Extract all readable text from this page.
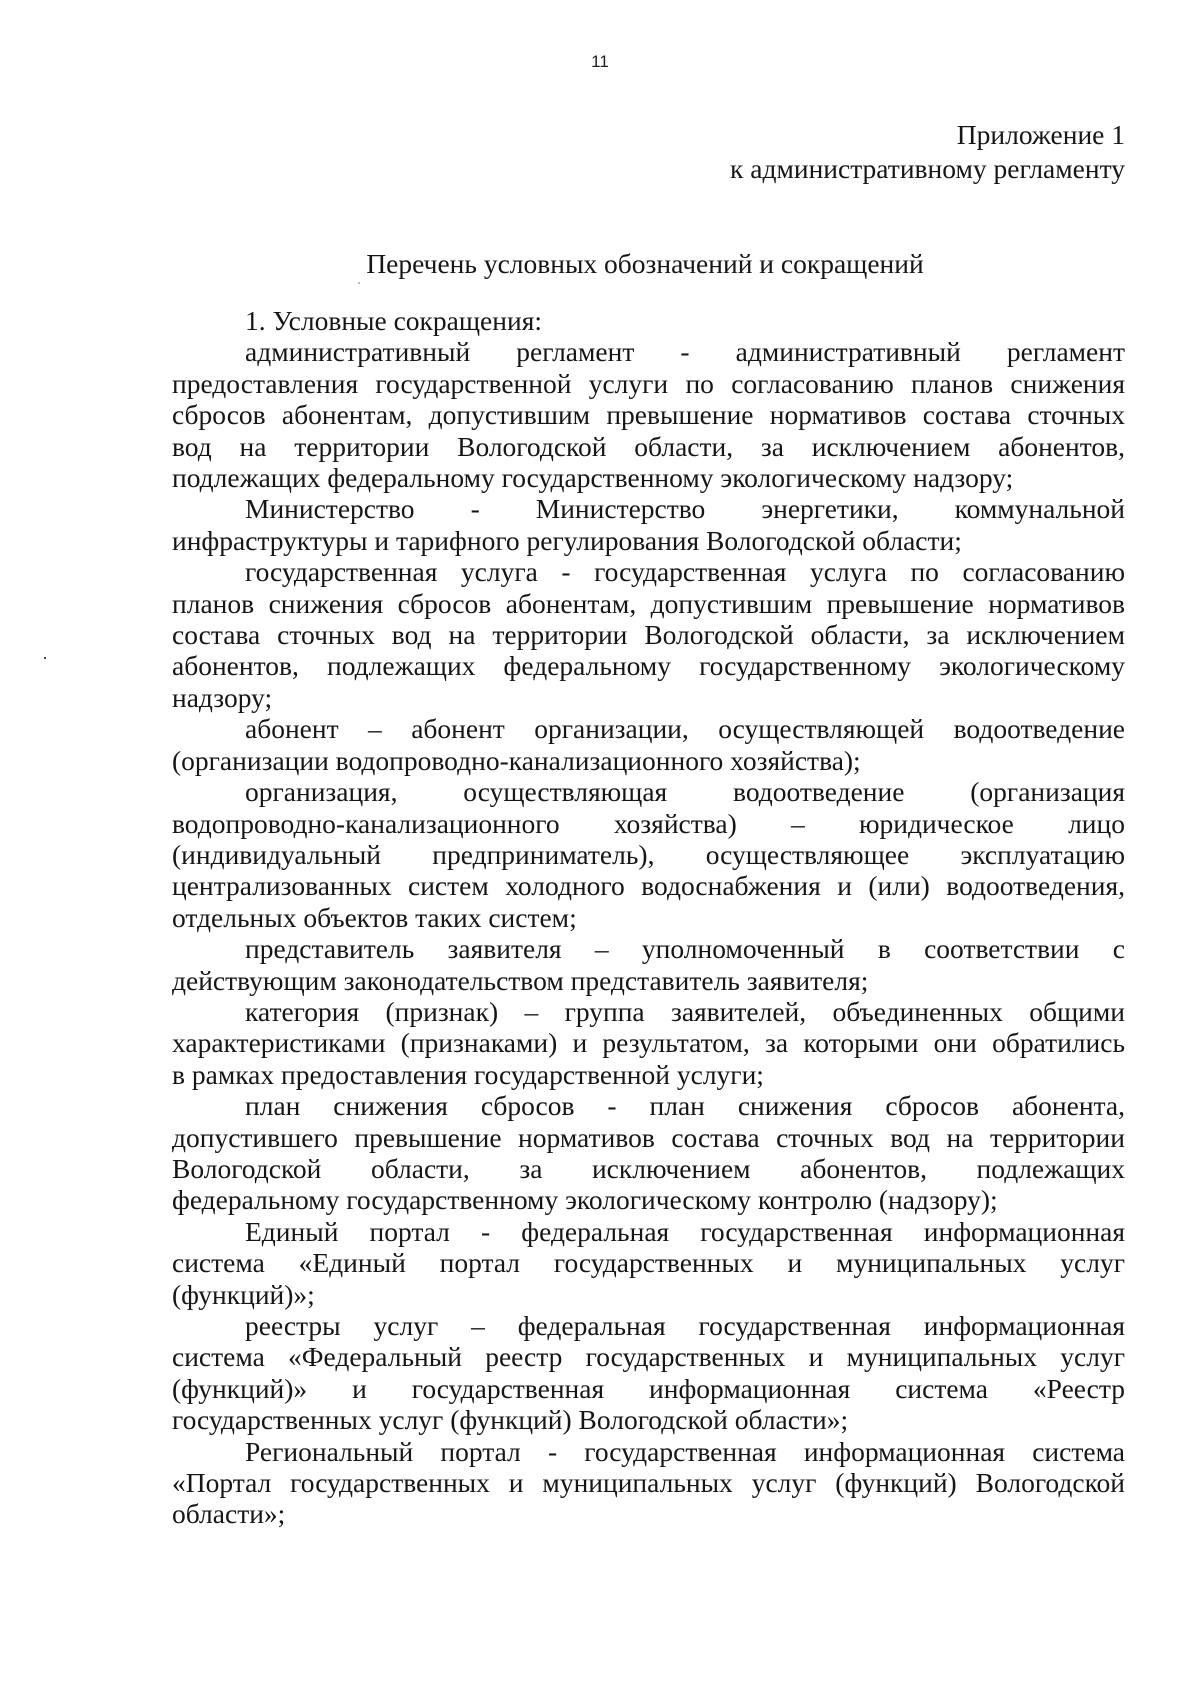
11
Приложение 1
к административному регламенту
Перечень условных обозначений и сокращений

1. Условные сокращения:

административный регламент - административный регламент
предоставления государственной услуги по согласованию планов снижения
сбросов абонентам, допустившим превышение нормативов состава сточных
вод на территории Вологодской области, за исключением абонентов,
подлежащих федеральному государственному экологическому надзору;

Министерство - Министерство энергетики, коммунальной
инфраструктуры и тарифного регулирования Вологодской области;

государственная услуга - государственная услуга по согласованию
планов снижения сбросов абонентам, допустившим превышение нормативов
состава сточных вод на территории Вологодской области, за исключением
абонентов, подлежащих федеральному государственному экологическому
надзору;

абонент – абонент организации, осуществляющей водоотведение
(организации водопроводно-канализационного хозяйства);

организация, осуществляющая водоотведение (организация
водопроводно-канализационного хозяйства) – юридическое лицо
(индивидуальный предприниматель), осуществляющее эксплуатацию
централизованных систем холодного водоснабжения и (или) водоотведения,
отдельных объектов таких систем;

представитель заявителя – уполномоченный в соответствии с
действующим законодательством представитель заявителя;

категория (признак) – группа заявителей, объединенных общими
характеристиками (признаками) и результатом, за которыми они обратились
в рамках предоставления государственной услуги;

план снижения сбросов - план снижения сбросов абонента,
допустившего превышение нормативов состава сточных вод на территории
Вологодской области, за исключением абонентов, подлежащих
федеральному государственному экологическому контролю (надзору);

Единый портал - федеральная государственная информационная
система «Единый портал государственных и муниципальных услуг
(функций)»;

реестры услуг – федеральная государственная информационная
система «Федеральный реестр государственных и муниципальных услуг
(функций)» и государственная информационная система «Реестр
государственных услуг (функций) Вологодской области»;

Региональный портал - государственная информационная система
«Портал государственных и муниципальных услуг (функций) Вологодской
области»;
